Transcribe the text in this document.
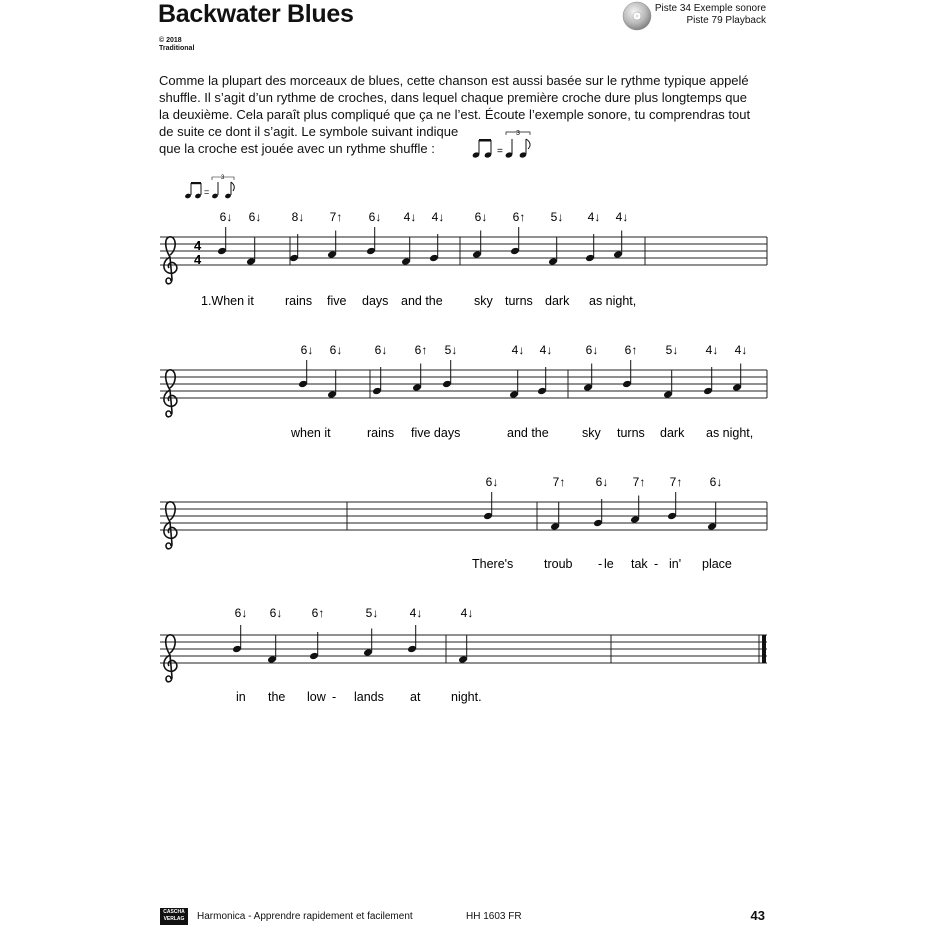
Backwater Blues
© 2018
Traditional
Piste 34 Exemple sonore
Piste 79 Playback

Comme la plupart des morceaux de blues, cette chanson est aussi basée sur le rythme typique appelé

shuffle. Il s’agit d’un rythme de croches, dans lequel chaque première croche dure plus longtemps que

la deuxième. Cela paraît plus compliqué que ça ne l’est. Écoute l’exemple sonore, tu comprendras tout

de suite ce dont il s’agit. Le symbole suivant indique

que la croche est jouée avec un rythme shuffle :	=
3
=
3
4
4
6↓ 6↓	8↓ 7↑ 6↓ 4↓ 4↓	6↓ 6↑ 5↓ 4↓ 4↓
1.When it rains five days and the	sky turns dark as night,
6↓ 6↓	6↓ 6↑ 5↓	4↓ 4↓	6↓ 6↑ 5↓ 4↓ 4↓
when it	rains five days	and the	sky turns dark as night,
6↓	7↑	6↓ 7↑ 7↑ 6↓
There's troub - le tak - in' place
6↓ 6↓ 6↑	5↓	4↓	4↓
in the low - lands at night.
CASCHA
VERLAG	Harmonica - Apprendre rapidement et facilement	HH 1603 FR	43
